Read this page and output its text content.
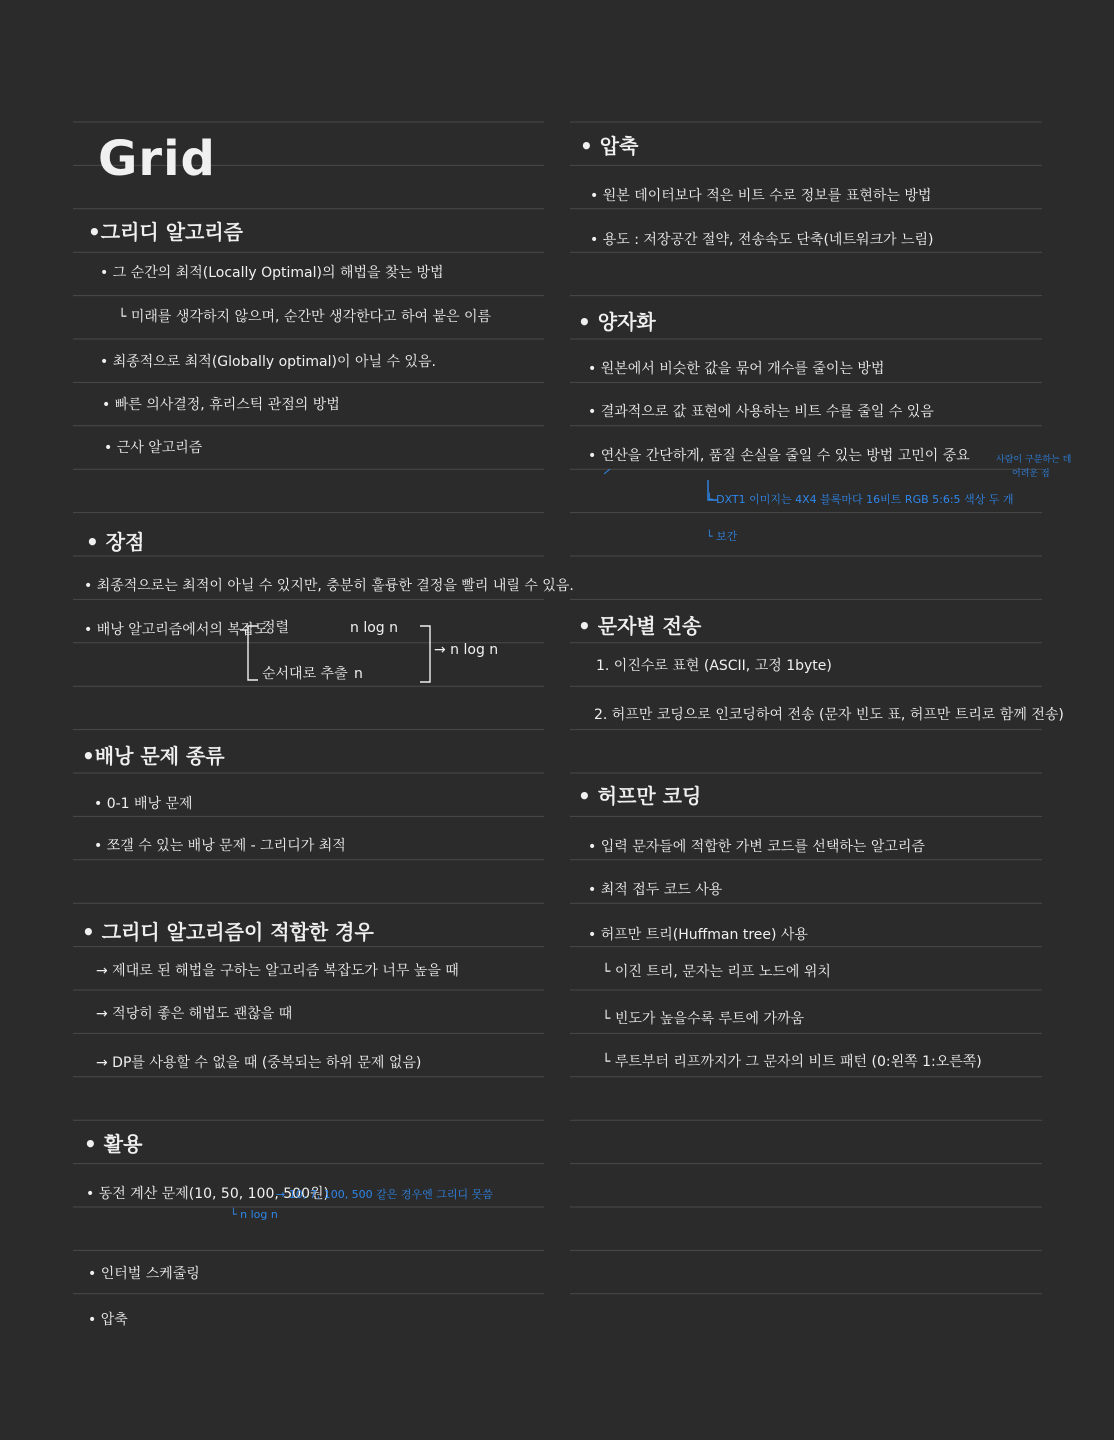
Grid
•그리디 알고리즘
• 그 순간의 최적(Locally Optimal)의 해법을 찾는 방법
└ 미래를 생각하지 않으며, 순간만 생각한다고 하여 붙은 이름
• 최종적으로 최적(Globally optimal)이 아닐 수 있음.
• 빠른 의사결정, 휴리스틱 관점의 방법
• 근사 알고리즘
• 장점
• 최종적으로는 최적이 아닐 수 있지만, 충분히 훌륭한 결정을 빨리 내릴 수 있음.
• 배낭 알고리즘에서의 복잡도
정렬	n log n
순서대로 추출 n
→ n log n
•배낭 문제 종류
• 0-1 배낭 문제
• 쪼갤 수 있는 배낭 문제 - 그리디가 최적
• 그리디 알고리즘이 적합한 경우
→ 제대로 된 해법을 구하는 알고리즘 복잡도가 너무 높을 때
→ 적당히 좋은 해법도 괜찮을 때
→ DP를 사용할 수 없을 때 (중복되는 하위 문제 없음)
• 활용
• 동전 계산 문제(10, 50, 100, 500원)
→ 10, 7, 100, 500 같은 경우엔 그리디 못씀
└ n log n
• 인터벌 스케줄링
• 압축
• 압축
• 원본 데이터보다 적은 비트 수로 정보를 표현하는 방법
• 용도 : 저장공간 절약, 전송속도 단축(네트워크가 느림)
• 양자화
• 원본에서 비슷한 값을 묶어 개수를 줄이는 방법
• 결과적으로 값 표현에 사용하는 비트 수를 줄일 수 있음
• 연산을 간단하게, 품질 손실을 줄일 수 있는 방법 고민이 중요	사람이 구분하는 데
어려운 점
└ DXT1 이미지는 4X4 블록마다 16비트 RGB 5:6:5 색상 두 개
└ 보간
• 문자별 전송
1. 이진수로 표현 (ASCII, 고정 1byte)
2. 허프만 코딩으로 인코딩하여 전송 (문자 빈도 표, 허프만 트리로 함께 전송)
• 허프만 코딩
• 입력 문자들에 적합한 가변 코드를 선택하는 알고리즘
• 최적 접두 코드 사용
• 허프만 트리(Huffman tree) 사용
└ 이진 트리, 문자는 리프 노드에 위치
└ 빈도가 높을수록 루트에 가까움
└ 루트부터 리프까지가 그 문자의 비트 패턴 (0:왼쪽 1:오른쪽)
